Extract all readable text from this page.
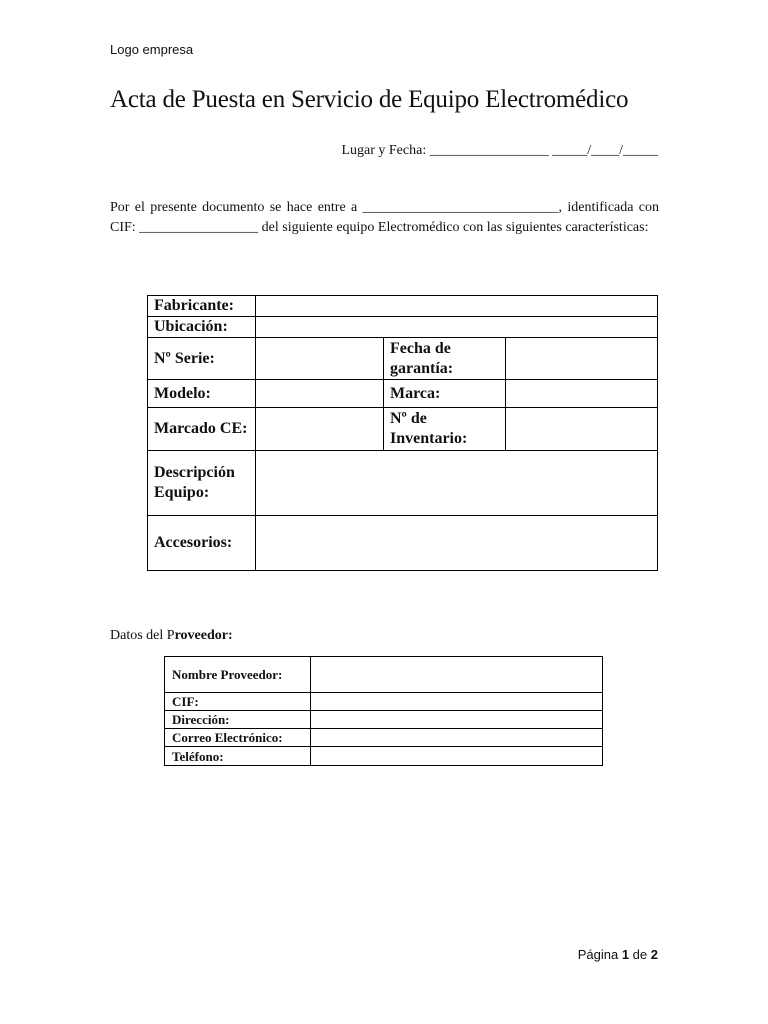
Logo empresa
Acta de Puesta en Servicio de Equipo Electromédico
Lugar y Fecha: _________________ _____/____/_____

Por el presente documento se hace entre a ____________________________, identificada con CIF: _________________ del siguiente equipo Electromédico con las siguientes características:

Fabricante:			
Ubicación:			
Nº Serie:		Fecha de garantía:	
Modelo:		Marca:	
Marcado CE:		Nº de Inventario:	
Descripción Equipo:			
Accesorios:			
Datos del Proveedor:
Nombre Proveedor:	
CIF:	
Dirección:	
Correo Electrónico:	
Teléfono:	
Página 1 de 2
